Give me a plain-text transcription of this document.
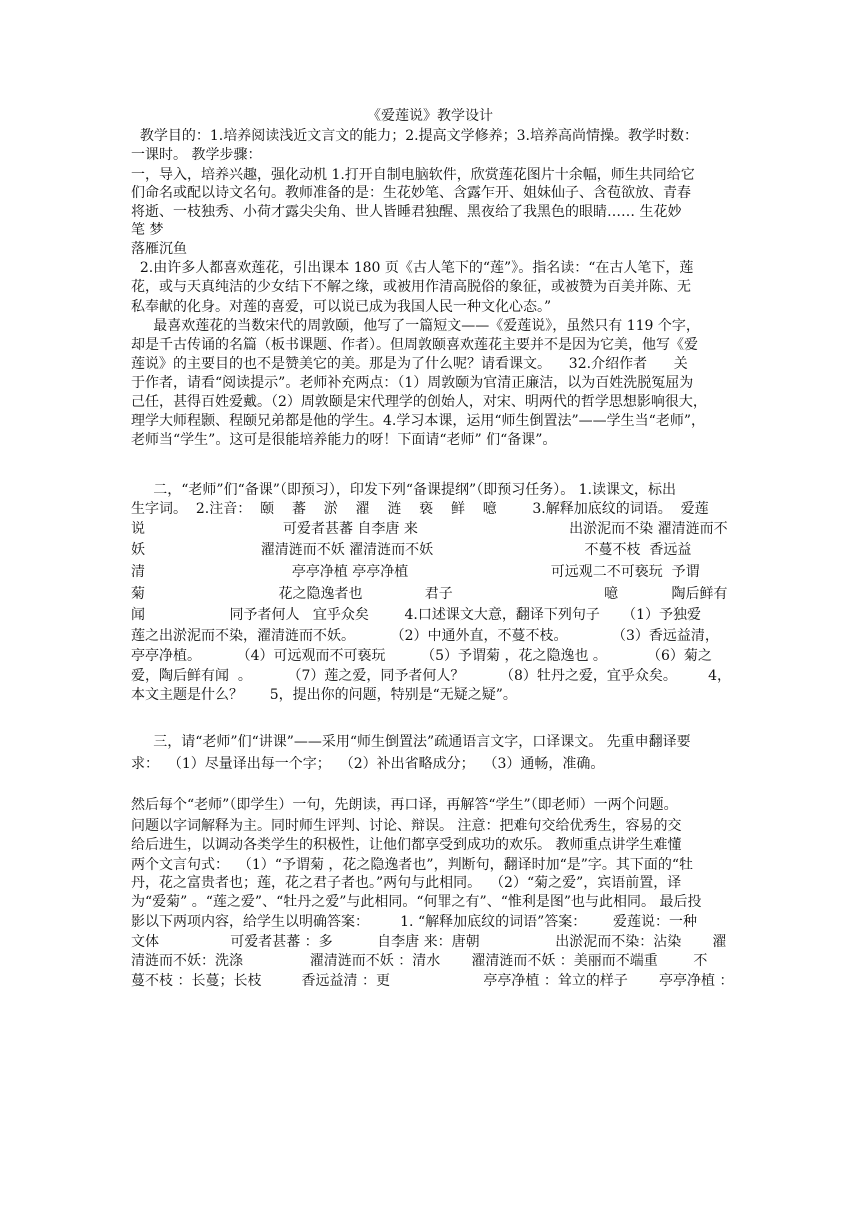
《爱莲说》教学设计
教学目的：1.培养阅读浅近文言文的能力；2.提高文学修养；3.培养高尚情操。教学时数：
一课时。 教学步骤：
一，导入，培养兴趣，强化动机 1.打开自制电脑软件，欣赏莲花图片十余幅，师生共同给它
们命名或配以诗文名句。教师准备的是：生花妙笔、含露乍开、姐妹仙子、含苞欲放、青春
将逝、一枝独秀、小荷才露尖尖角、世人皆睡君独醒、黑夜给了我黑色的眼睛…… 生花妙
笔 梦
落雁沉鱼
2.由许多人都喜欢莲花，引出课本 180 页《古人笔下的“莲”》。指名读：“在古人笔下，莲
花，或与天真纯洁的少女结下不解之缘，或被用作清高脱俗的象征，或被赞为百美并陈、无
私奉献的化身。对莲的喜爱，可以说已成为我国人民一种文化心态。”
最喜欢莲花的当数宋代的周敦颐，他写了一篇短文——《爱莲说》，虽然只有 119 个字，
却是千古传诵的名篇（板书课题、作者）。但周敦颐喜欢莲花主要并不是因为它美，他写《爱
莲说》的主要目的也不是赞美它的美。那是为了什么呢？请看课文。    32.介绍作者      关
于作者，请看“阅读提示”。老师补充两点：（1）周敦颐为官清正廉洁，以为百姓洗脱冤屈为
己任，甚得百姓爱戴。（2）周敦颐是宋代理学的创始人，对宋、明两代的哲学思想影响很大，
理学大师程颢、程颐兄弟都是他的学生。4.学习本课，运用“师生倒置法”——学生当“老师”，
老师当“学生”。这可是很能培养能力的呀！下面请“老师” 们“备课”。
二，“老师”们“备课”（即预习），印发下列“备课提纲”（即预习任务）。 1.读课文，标出
生字词。  2.注音：  颐    蕃    淤    濯    涟    亵    鲜    噫        3.解释加底纹的词语。  爱莲
说                               可爱者甚蕃 自李唐 来                                  出淤泥而不染 濯清涟而不
妖                          濯清涟而不妖 濯清涟而不妖                                  不蔓不枝  香远益
清                                 亭亭净植 亭亭净植                                可远观二不可亵玩  予谓
菊                              花之隐逸者也              君子                                  噫            陶后鲜有
闻                   同予者何人   宜乎众矣        4.口述课文大意，翻译下列句子     （1）予独爱
莲之出淤泥而不染，濯清涟而不妖。        （2）中通外直，不蔓不枝。          （3）香远益清，
亭亭净植。        （4）可远观而不可亵玩        （5）予谓菊 ，花之隐逸也 。         （6）菊之
爱，陶后鲜有闻  。        （7）莲之爱，同予者何人？        （8）牡丹之爱，宜乎众矣。       4，
本文主题是什么？      5，提出你的问题，特别是“无疑之疑”。
三，请“老师”们“讲课”——采用“师生倒置法”疏通语言文字，口译课文。 先重申翻译要
求：  （1）尽量译出每一个字；  （2）补出省略成分；  （3）通畅，准确。
然后每个“老师”（即学生）一句，先朗读，再口译，再解答“学生”（即老师）一两个问题。
问题以字词解释为主。同时师生评判、讨论、辩误。 注意：把难句交给优秀生，容易的交
给后进生，以调动各类学生的积极性，让他们都享受到成功的欢乐。 教师重点讲学生难懂
两个文言句式：  （1）“予谓菊 ，花之隐逸者也”，判断句，翻译时加“是”字。其下面的“牡
丹，花之富贵者也；莲，花之君子者也。”两句与此相同。  （2）“菊之爱”，宾语前置，译
为“爱菊” 。“莲之爱”、“牡丹之爱”与此相同。“何罪之有”、“惟利是图”也与此相同。 最后投
影以下两项内容，给学生以明确答案：       1. “解释加底纹的词语”答案：      爱莲说：一种
文体                可爱者甚蕃 ：多          自李唐 来：唐朝                 出淤泥而不染：沾染       濯
清涟而不妖：洗涤               濯清涟而不妖 ：清水       濯清涟而不妖 ：美丽而不端重        不
蔓不枝 ：长蔓；长枝         香远益清 ：更                     亭亭净植 ：耸立的样子       亭亭净植 ：
